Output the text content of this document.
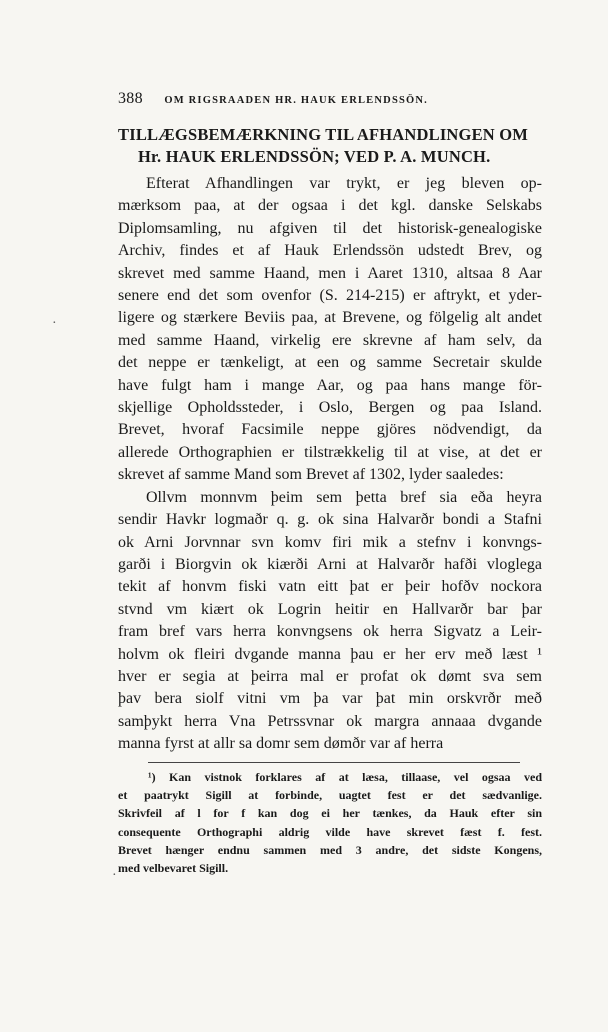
388 OM RIGSRAADEN HR. HAUK ERLENDSSÖN.
TILLÆGSBEMÆRKNING TIL AFHANDLINGEN OM
Hr. HAUK ERLENDSSÖN; VED P. A. MUNCH.
Efterat Afhandlingen var trykt, er jeg bleven op-
mærksom paa, at der ogsaa i det kgl. danske Selskabs
Diplomsamling, nu afgiven til det historisk-genealogiske
Archiv, findes et af Hauk Erlendssön udstedt Brev, og
skrevet med samme Haand, men i Aaret 1310, altsaa 8 Aar
senere end det som ovenfor (S. 214-215) er aftrykt, et yder-
ligere og stærkere Beviis paa, at Brevene, og fölgelig alt andet
med samme Haand, virkelig ere skrevne af ham selv, da
det neppe er tænkeligt, at een og samme Secretair skulde
have fulgt ham i mange Aar, og paa hans mange för-
skjellige Opholdssteder, i Oslo, Bergen og paa Island.
Brevet, hvoraf Facsimile neppe gjöres nödvendigt, da
allerede Orthographien er tilstrækkelig til at vise, at det er
skrevet af samme Mand som Brevet af 1302, lyder saaledes:
Ollvm monnvm þeim sem þetta bref sia eða heyra
sendir Havkr logmaðr q. g. ok sina Halvarðr bondi a Stafni
ok Arni Jorvnnar svn komv firi mik a stefnv i konvngs-
garði i Biorgvin ok kiærði Arni at Halvarðr hafði vloglega
tekit af honvm fiski vatn eitt þat er þeir hofðv nockora
stvnd vm kiært ok Logrin heitir en Hallvarðr bar þar
fram bref vars herra konvngsens ok herra Sigvatz a Leir-
holvm ok fleiri dvgande manna þau er her erv með læst ¹
hver er segia at þeirra mal er profat ok dømt sva sem
þav bera siolf vitni vm þa var þat min orskvrðr með
samþykt herra Vna Petrssvnar ok margra annaaa dvgande
manna fyrst at allr sa domr sem dømðr var af herra
¹) Kan vistnok forklares af at læsa, tillaase, vel ogsaa ved
et paatrykt Sigill at forbinde, uagtet fest er det sædvanlige.
Skrivfeil af l for f kan dog ei her tænkes, da Hauk efter sin
consequente Orthographi aldrig vilde have skrevet fæst f. fest.
Brevet hænger endnu sammen med 3 andre, det sidste Kongens,
med velbevaret Sigill.
·
·
